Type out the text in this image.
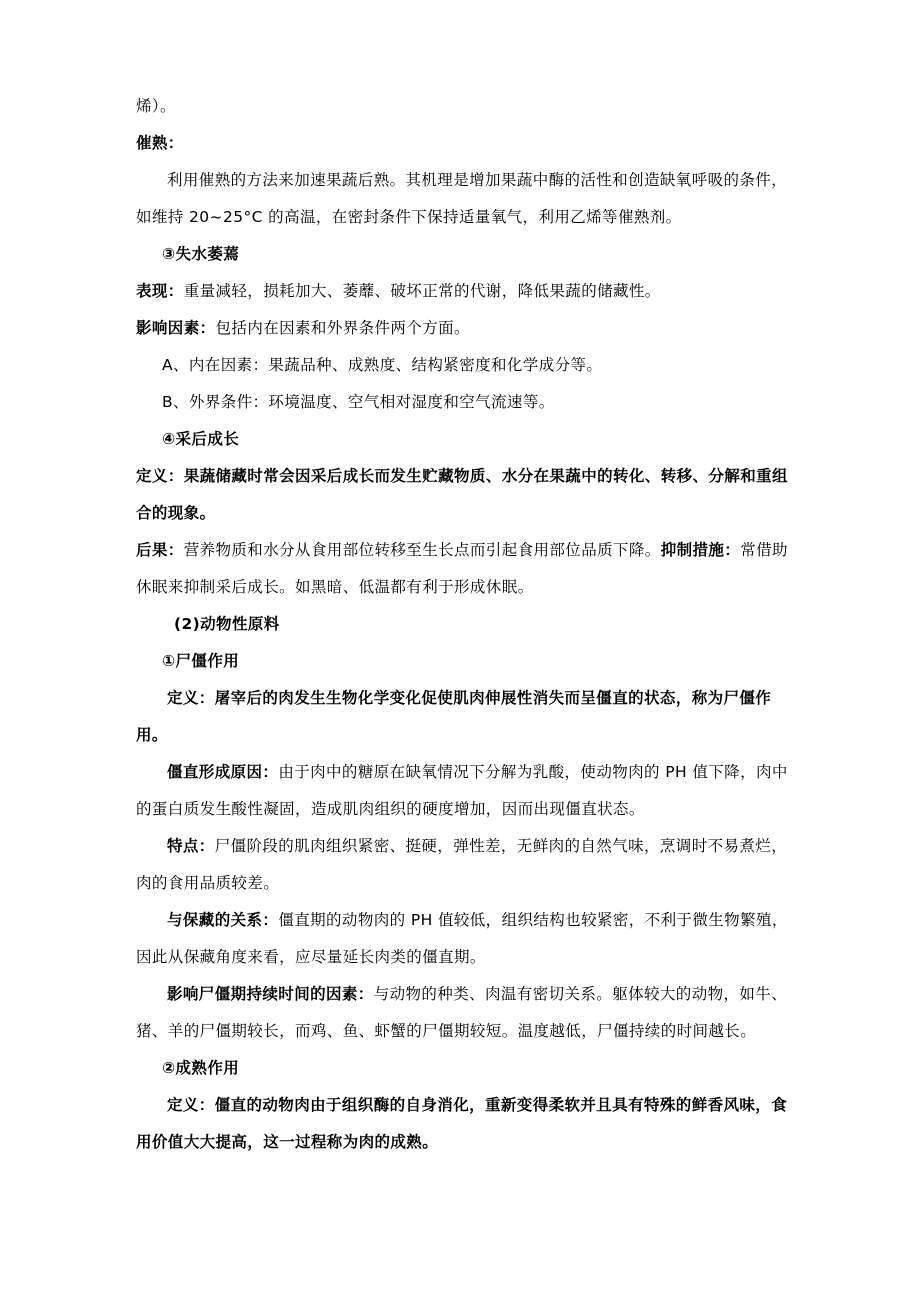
烯）。

催熟：

利用催熟的方法来加速果蔬后熟。其机理是增加果蔬中酶的活性和创造缺氧呼吸的条件，如维持 20~25°C 的高温，在密封条件下保持适量氧气，利用乙烯等催熟剂。

③失水萎蔫

表现：重量减轻，损耗加大、萎蘼、破坏正常的代谢，降低果蔬的储藏性。

影响因素：包括内在因素和外界条件两个方面。

A、内在因素：果蔬品种、成熟度、结构紧密度和化学成分等。

B、外界条件：环境温度、空气相对湿度和空气流速等。

④采后成长

定义：果蔬储藏时常会因采后成长而发生贮藏物质、水分在果蔬中的转化、转移、分解和重组合的现象。

后果：营养物质和水分从食用部位转移至生长点而引起食用部位品质下降。抑制措施：常借助休眠来抑制采后成长。如黑暗、低温都有利于形成休眠。

(2)动物性原料

①尸僵作用

定义：屠宰后的肉发生生物化学变化促使肌肉伸展性消失而呈僵直的状态，称为尸僵作用。

僵直形成原因：由于肉中的糖原在缺氧情况下分解为乳酸，使动物肉的 PH 值下降，肉中的蛋白质发生酸性凝固，造成肌肉组织的硬度增加，因而出现僵直状态。

特点：尸僵阶段的肌肉组织紧密、挺硬，弹性差，无鲜肉的自然气味，烹调时不易煮烂，肉的食用品质较差。

与保藏的关系：僵直期的动物肉的 PH 值较低，组织结构也较紧密，不利于微生物繁殖，因此从保藏角度来看，应尽量延长肉类的僵直期。

影响尸僵期持续时间的因素：与动物的种类、肉温有密切关系。躯体较大的动物，如牛、猪、羊的尸僵期较长，而鸡、鱼、虾蟹的尸僵期较短。温度越低，尸僵持续的时间越长。

②成熟作用

定义：僵直的动物肉由于组织酶的自身消化，重新变得柔软并且具有特殊的鲜香风味，食用价值大大提高，这一过程称为肉的成熟。
